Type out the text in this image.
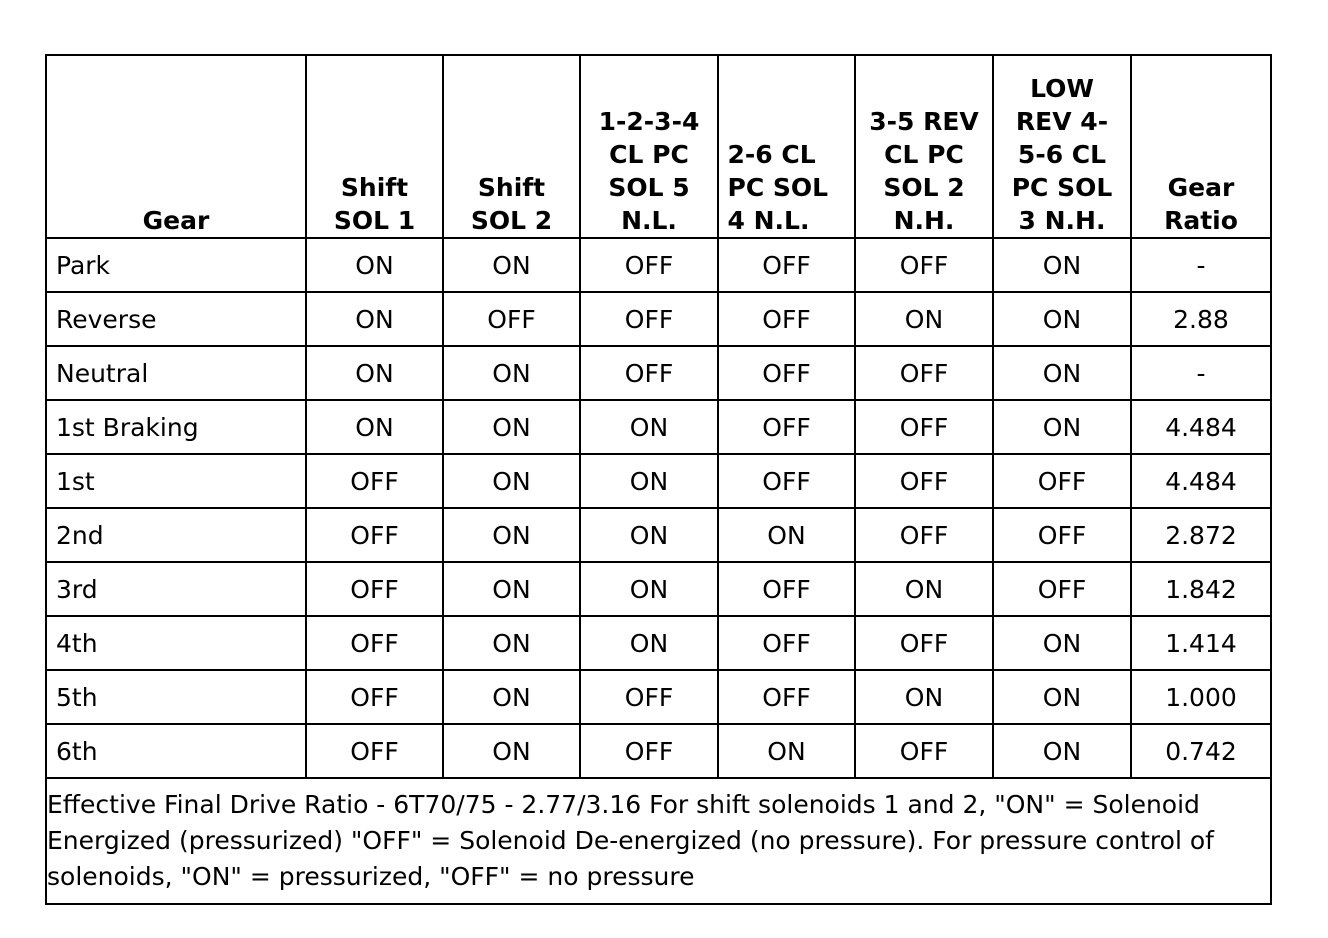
Gear	Shift SOL 1	Shift SOL 2	1-2-3-4 CL PC SOL 5 N.L.	2-6 CL PC SOL 4 N.L.	3-5 REV CL PC SOL 2 N.H.	LOW REV 4-5-6 CL PC SOL 3 N.H.	Gear Ratio
Park	ON	ON	OFF	OFF	OFF	ON	-
Reverse	ON	OFF	OFF	OFF	ON	ON	2.88
Neutral	ON	ON	OFF	OFF	OFF	ON	-
1st Braking	ON	ON	ON	OFF	OFF	ON	4.484
1st	OFF	ON	ON	OFF	OFF	OFF	4.484
2nd	OFF	ON	ON	ON	OFF	OFF	2.872
3rd	OFF	ON	ON	OFF	ON	OFF	1.842
4th	OFF	ON	ON	OFF	OFF	ON	1.414
5th	OFF	ON	OFF	OFF	ON	ON	1.000
6th	OFF	ON	OFF	ON	OFF	ON	0.742
Effective Final Drive Ratio - 6T70/75 - 2.77/3.16 For shift solenoids 1 and 2, "ON" = Solenoid Energized (pressurized) "OFF" = Solenoid De-energized (no pressure). For pressure control of solenoids, "ON" = pressurized, "OFF" = no pressure							
